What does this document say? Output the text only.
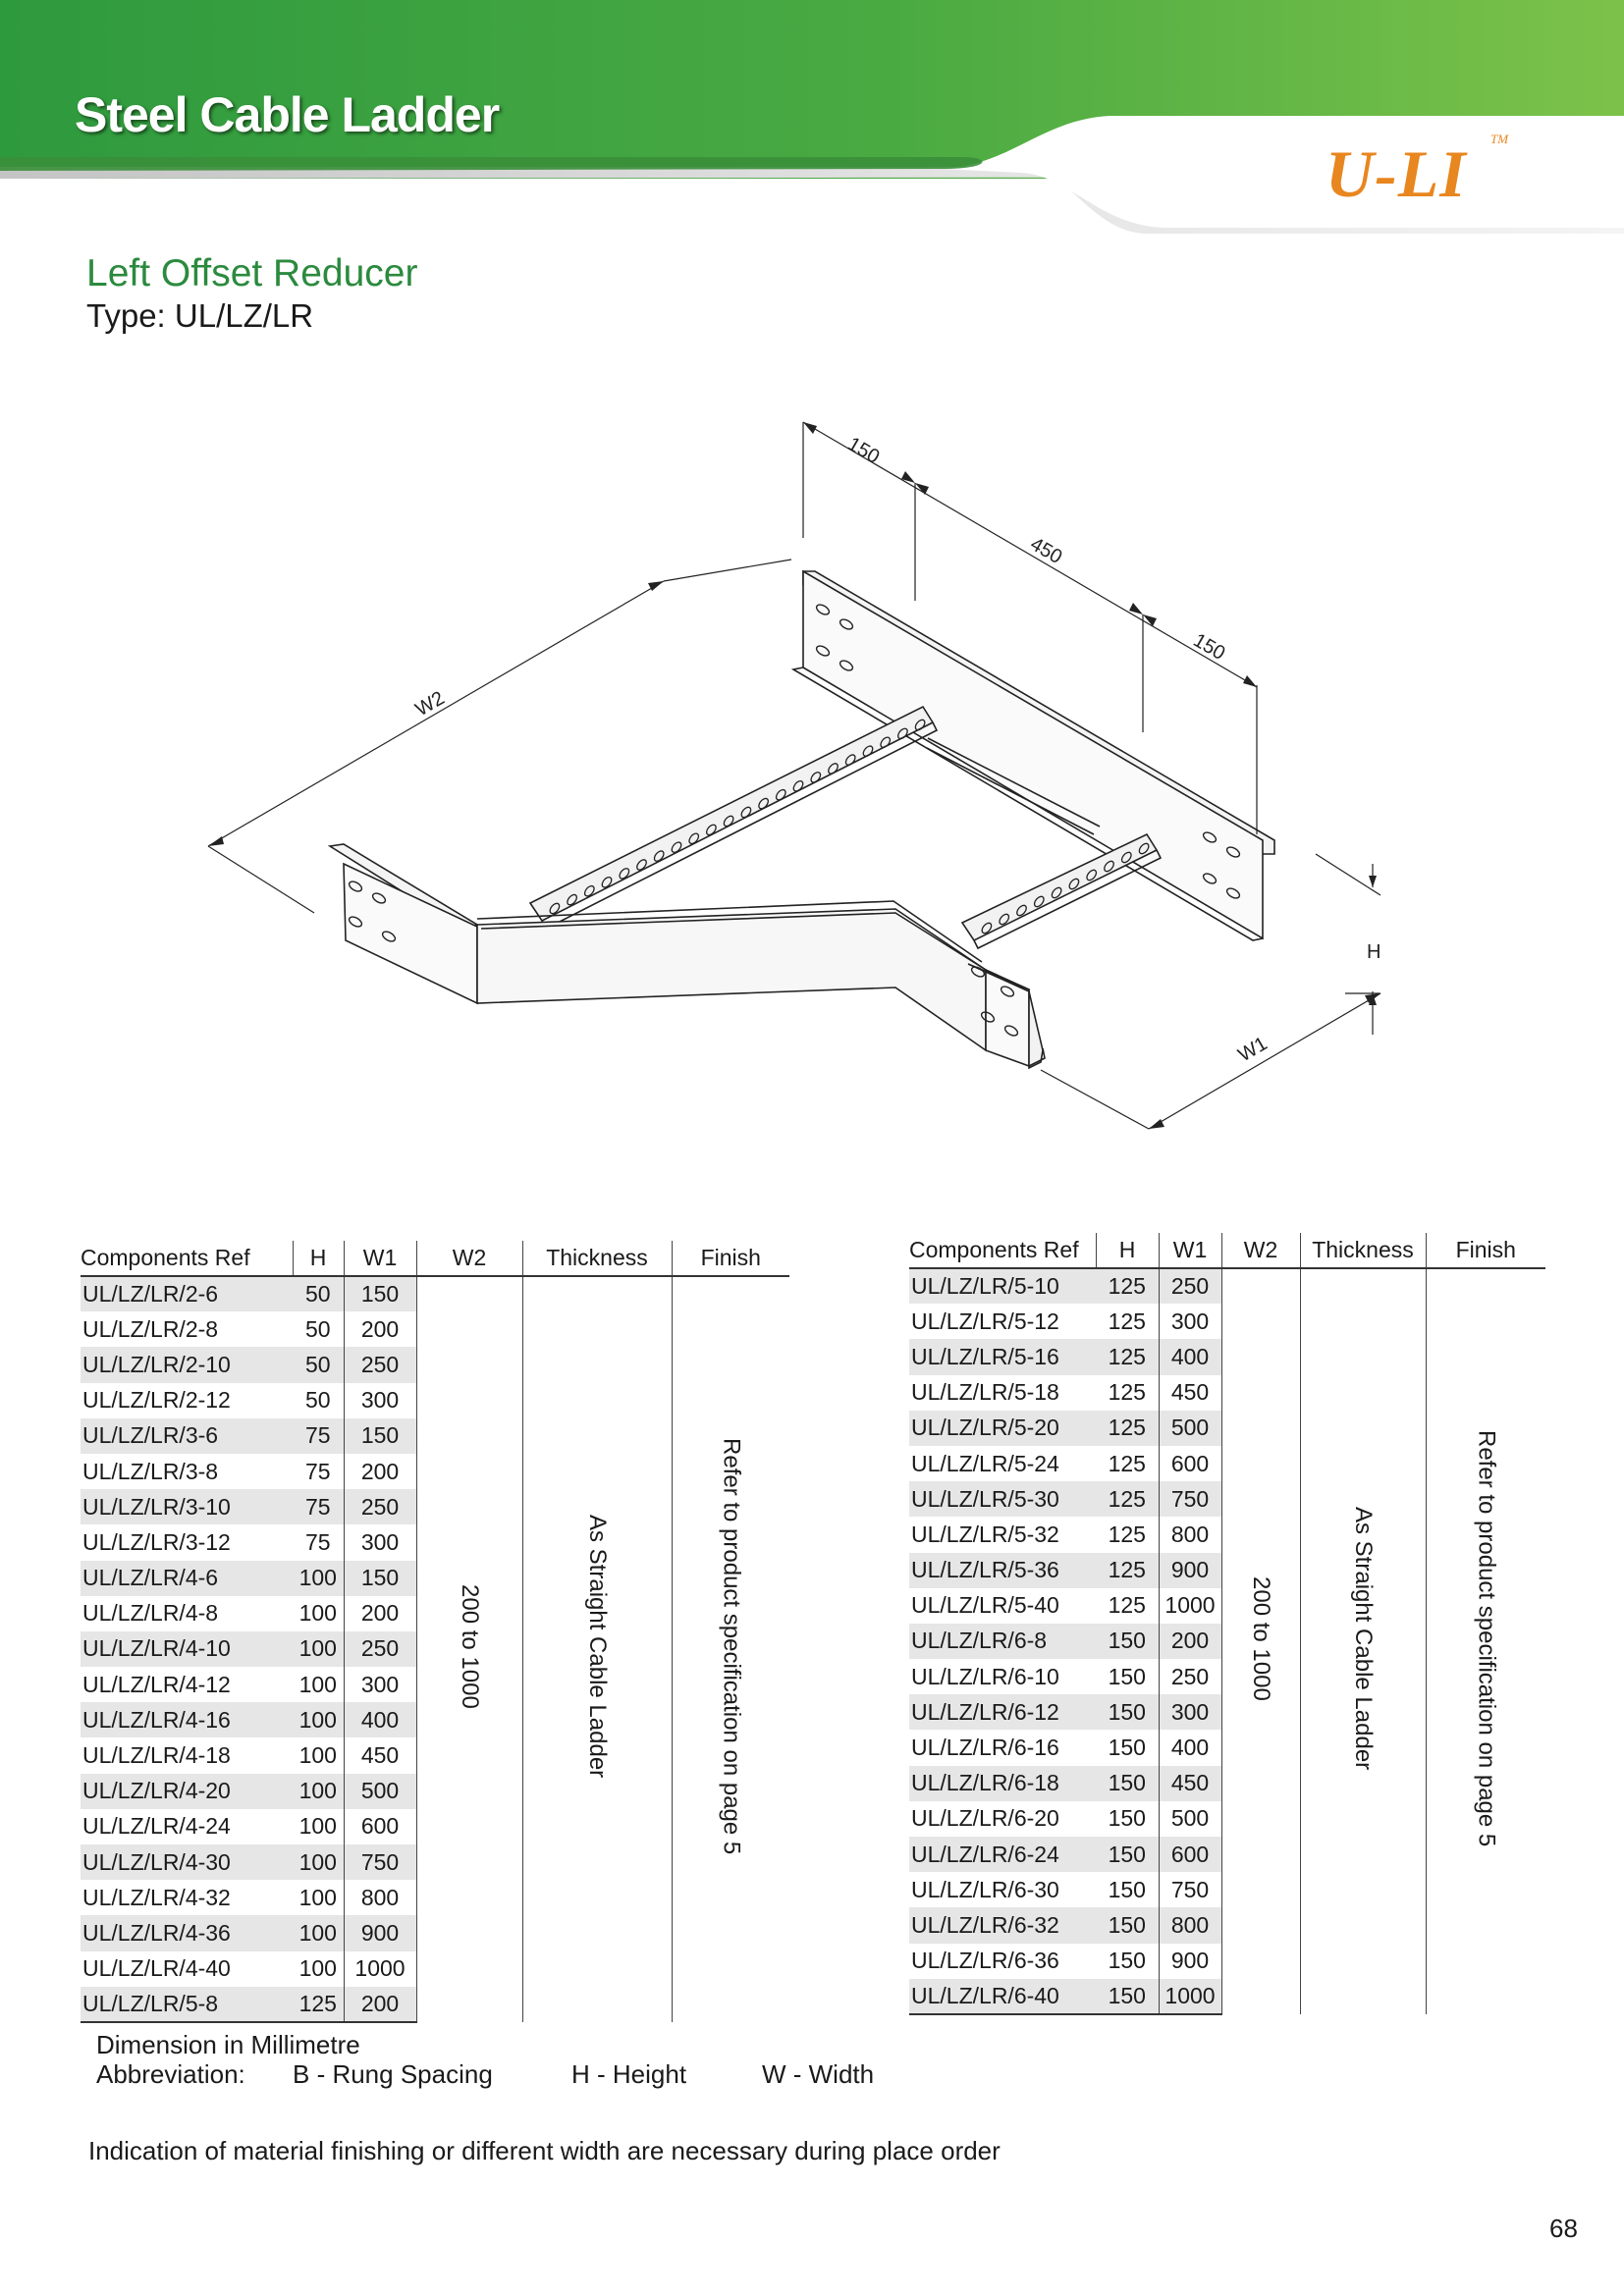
Steel Cable Ladder
U-LI TM
Left Offset Reducer
Type: UL/LZ/LR
150
450
150
W2
H
W1
Components Ref	H	W1	W2	Thickness	Finish
UL/LZ/LR/2-6	50	150	200 to 1000	As Straight Cable Ladder	Refer to product specification on page 5
UL/LZ/LR/2-8	50	200			
UL/LZ/LR/2-10	50	250			
UL/LZ/LR/2-12	50	300			
UL/LZ/LR/3-6	75	150			
UL/LZ/LR/3-8	75	200			
UL/LZ/LR/3-10	75	250			
UL/LZ/LR/3-12	75	300			
UL/LZ/LR/4-6	100	150			
UL/LZ/LR/4-8	100	200			
UL/LZ/LR/4-10	100	250			
UL/LZ/LR/4-12	100	300			
UL/LZ/LR/4-16	100	400			
UL/LZ/LR/4-18	100	450			
UL/LZ/LR/4-20	100	500			
UL/LZ/LR/4-24	100	600			
UL/LZ/LR/4-30	100	750			
UL/LZ/LR/4-32	100	800			
UL/LZ/LR/4-36	100	900			
UL/LZ/LR/4-40	100	1000			
UL/LZ/LR/5-8	125	200			
Components Ref	H	W1	W2	Thickness	Finish
UL/LZ/LR/5-10	125	250	200 to 1000	As Straight Cable Ladder	Refer to product specification on page 5
UL/LZ/LR/5-12	125	300			
UL/LZ/LR/5-16	125	400			
UL/LZ/LR/5-18	125	450			
UL/LZ/LR/5-20	125	500			
UL/LZ/LR/5-24	125	600			
UL/LZ/LR/5-30	125	750			
UL/LZ/LR/5-32	125	800			
UL/LZ/LR/5-36	125	900			
UL/LZ/LR/5-40	125	1000			
UL/LZ/LR/6-8	150	200			
UL/LZ/LR/6-10	150	250			
UL/LZ/LR/6-12	150	300			
UL/LZ/LR/6-16	150	400			
UL/LZ/LR/6-18	150	450			
UL/LZ/LR/6-20	150	500			
UL/LZ/LR/6-24	150	600			
UL/LZ/LR/6-30	150	750			
UL/LZ/LR/6-32	150	800			
UL/LZ/LR/6-36	150	900			
UL/LZ/LR/6-40	150	1000			
Dimension in Millimetre
Abbreviation: B - Rung Spacing	H - Height	W - Width
Indication of material finishing or different width are necessary during place order
68
